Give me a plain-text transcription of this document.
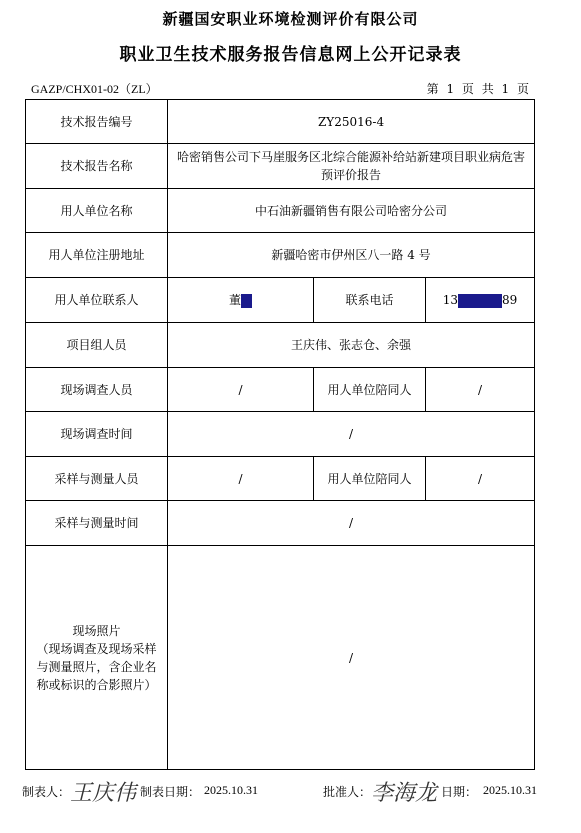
新疆国安职业环境检测评价有限公司
职业卫生技术服务报告信息网上公开记录表
GAZP/CHX01-02（ZL）	第 1 页 共 1 页
技术报告编号	ZY25016-4		
技术报告名称	哈密销售公司下马崖服务区北综合能源补给站新建项目职业病危害预评价报告		
用人单位名称	中石油新疆销售有限公司哈密分公司		
用人单位注册地址	新疆哈密市伊州区八一路 4 号		
用人单位联系人	董	联系电话	13 89
项目组人员	王庆伟、张志仓、余强		
现场调查人员	/	用人单位陪同人	/
现场调查时间	/		
采样与测量人员	/	用人单位陪同人	/
采样与测量时间	/		

现场照片
（现场调查及现场采样与测量照片，含企业名称或标识的合影照片）	/		
制表人： 王庆伟 制表日期： 2025.10.31	批准人： 李海龙 日期： 2025.10.31
